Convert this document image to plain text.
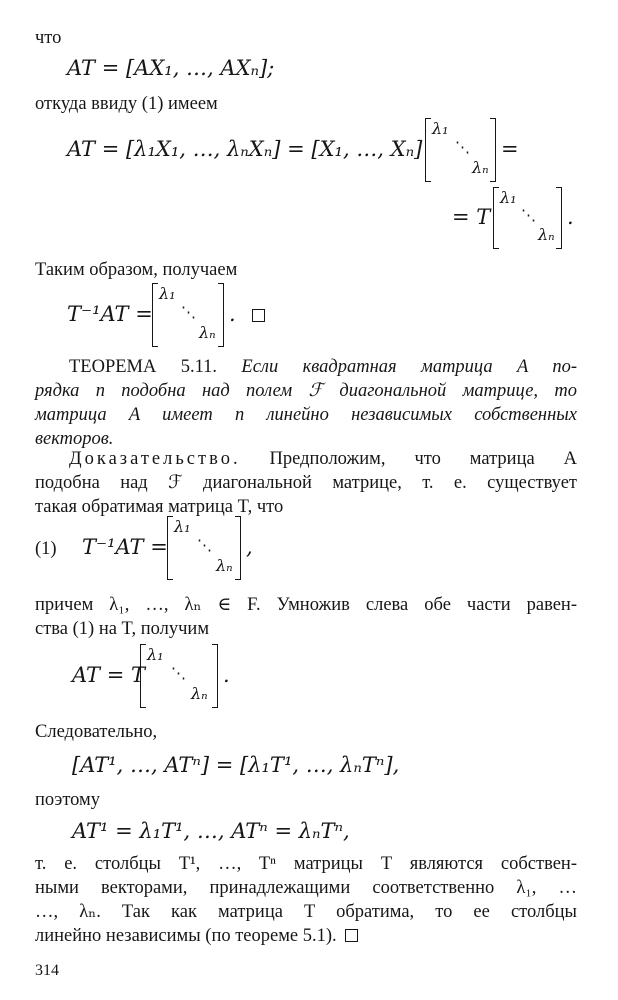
что
AT = [AX₁, …, AXₙ];
откуда ввиду (1) имеем
AT = [λ₁X₁, …, λₙXₙ] = [X₁, …, Xₙ]
λ₁
⋱
λₙ
=
= T
λ₁
⋱
λₙ
.
Таким образом, получаем
T⁻¹AT =
λ₁
⋱
λₙ
.
ТЕОРЕМА 5.11. Если квадратная матрица A по-
рядка n подобна над полем ℱ диагональной матрице, то
матрица A имеет n линейно независимых собственных
векторов.
Доказательство. Предположим, что матрица A
подобна над ℱ диагональной матрице, т. е. существует
такая обратимая матрица T, что
(1) T⁻¹AT =
λ₁
⋱
λₙ
,
причем λ₁, …, λₙ ∈ F. Умножив слева обе части равен-
ства (1) на T, получим
AT = T
λ₁
⋱
λₙ
.
Следовательно,
[AT¹, …, ATⁿ] = [λ₁T¹, …, λₙTⁿ],
поэтому
AT¹ = λ₁T¹, …, ATⁿ = λₙTⁿ,
т. е. столбцы T¹, …, Tⁿ матрицы T являются собствен-
ными векторами, принадлежащими соответственно λ₁, …
…, λₙ. Так как матрица T обратима, то ее столбцы
линейно независимы (по теореме 5.1).
314
